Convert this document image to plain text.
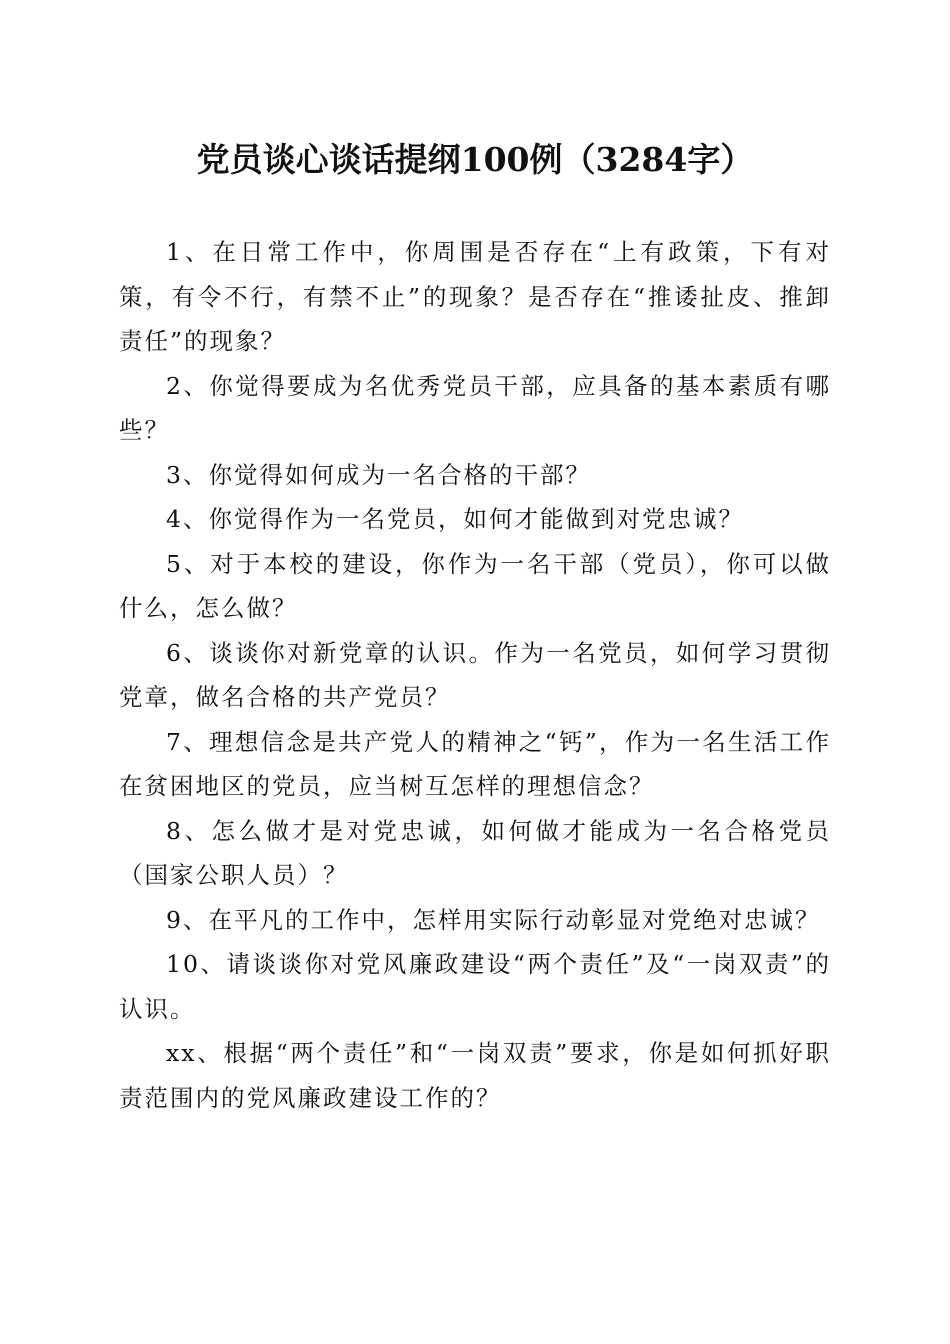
党员谈心谈话提纲100例（3284字）

1、在日常工作中，你周围是否存在“上有政策，下有对策，有令不行，有禁不止”的现象？是否存在“推诿扯皮、推卸责任”的现象？

2、你觉得要成为名优秀党员干部，应具备的基本素质有哪些？

3、你觉得如何成为一名合格的干部？

4、你觉得作为一名党员，如何才能做到对党忠诚？

5、对于本校的建设，你作为一名干部（党员），你可以做什么，怎么做？

6、谈谈你对新党章的认识。作为一名党员，如何学习贯彻党章，做名合格的共产党员？

7、理想信念是共产党人的精神之“钙”，作为一名生活工作在贫困地区的党员，应当树互怎样的理想信念？

8、怎么做才是对党忠诚，如何做才能成为一名合格党员（国家公职人员）？

9、在平凡的工作中，怎样用实际行动彰显对党绝对忠诚？

10、请谈谈你对党风廉政建设“两个责任”及“一岗双责”的认识。

xx、根据“两个责任”和“一岗双责”要求，你是如何抓好职责范围内的党风廉政建设工作的？
